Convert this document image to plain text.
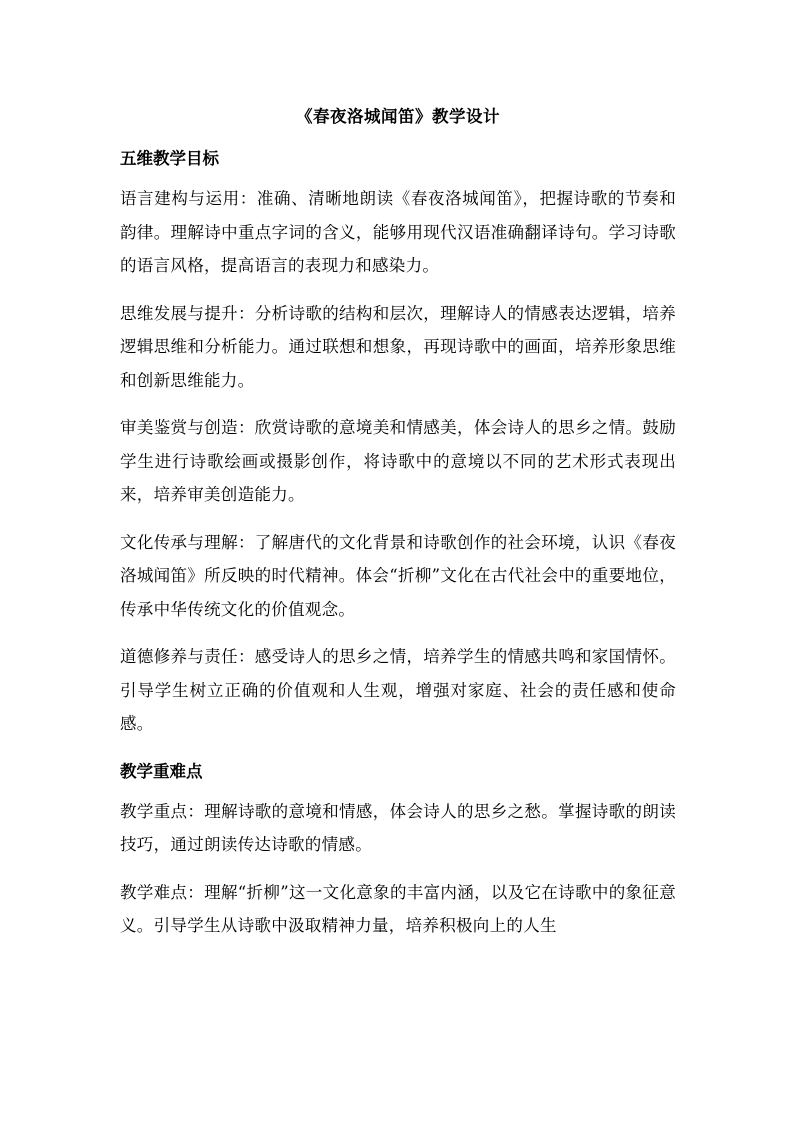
《春夜洛城闻笛》教学设计
五维教学目标

语言建构与运用：准确、清晰地朗读《春夜洛城闻笛》，把握诗歌的节奏和韵律。理解诗中重点字词的含义，能够用现代汉语准确翻译诗句。学习诗歌的语言风格，提高语言的表现力和感染力。

思维发展与提升：分析诗歌的结构和层次，理解诗人的情感表达逻辑，培养逻辑思维和分析能力。通过联想和想象，再现诗歌中的画面，培养形象思维和创新思维能力。

审美鉴赏与创造：欣赏诗歌的意境美和情感美，体会诗人的思乡之情。鼓励学生进行诗歌绘画或摄影创作，将诗歌中的意境以不同的艺术形式表现出来，培养审美创造能力。

文化传承与理解：了解唐代的文化背景和诗歌创作的社会环境，认识《春夜洛城闻笛》所反映的时代精神。体会“折柳”文化在古代社会中的重要地位，传承中华传统文化的价值观念。

道德修养与责任：感受诗人的思乡之情，培养学生的情感共鸣和家国情怀。引导学生树立正确的价值观和人生观，增强对家庭、社会的责任感和使命感。

教学重难点

教学重点：理解诗歌的意境和情感，体会诗人的思乡之愁。掌握诗歌的朗读技巧，通过朗读传达诗歌的情感。

教学难点：理解“折柳”这一文化意象的丰富内涵，以及它在诗歌中的象征意义。引导学生从诗歌中汲取精神力量，培养积极向上的人生
